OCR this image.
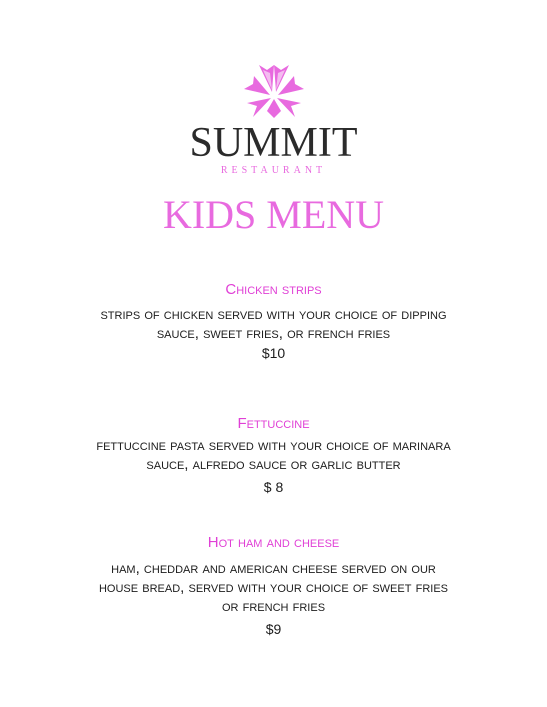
SUMMIT
RESTAURANT
KIDS MENU
Chicken strips
strips of chicken served with your choice of dipping sauce, sweet fries, or french fries
$10
Fettuccine
fettuccine pasta served with your choice of marinara sauce, alfredo sauce or garlic butter
$ 8
Hot ham and cheese
ham, cheddar and american cheese served on our house bread, served with your choice of sweet fries or french fries
$9
